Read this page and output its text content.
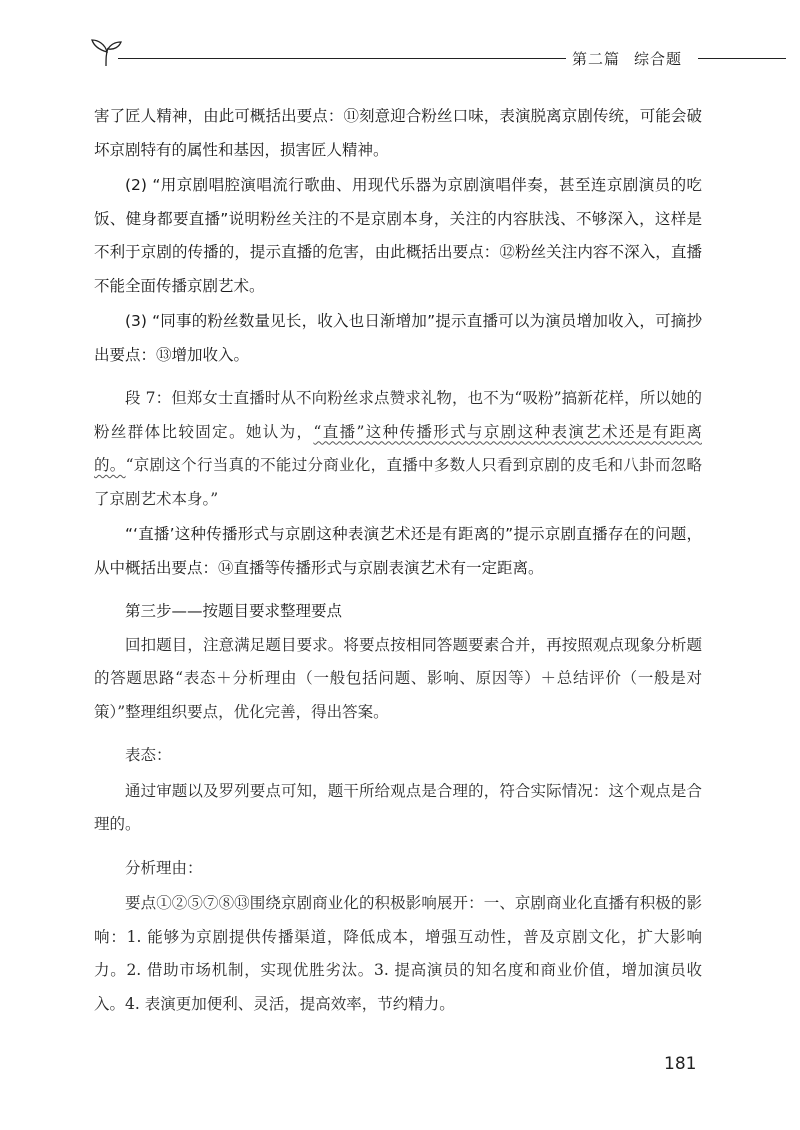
第二篇 综合题

害了匠人精神，由此可概括出要点：⑪刻意迎合粉丝口味，表演脱离京剧传统，可能会破坏京剧特有的属性和基因，损害匠人精神。

(2) “用京剧唱腔演唱流行歌曲、用现代乐器为京剧演唱伴奏，甚至连京剧演员的吃饭、健身都要直播”说明粉丝关注的不是京剧本身，关注的内容肤浅、不够深入，这样是不利于京剧的传播的，提示直播的危害，由此概括出要点：⑫粉丝关注内容不深入，直播不能全面传播京剧艺术。

(3) “同事的粉丝数量见长，收入也日渐增加”提示直播可以为演员增加收入，可摘抄出要点：⑬增加收入。

段 7：但郑女士直播时从不向粉丝求点赞求礼物，也不为“吸粉”搞新花样，所以她的粉丝群体比较固定。她认为，“直播”这种传播形式与京剧这种表演艺术还是有距离的。“京剧这个行当真的不能过分商业化，直播中多数人只看到京剧的皮毛和八卦而忽略了京剧艺术本身。”

“‘直播’这种传播形式与京剧这种表演艺术还是有距离的”提示京剧直播存在的问题，从中概括出要点：⑭直播等传播形式与京剧表演艺术有一定距离。

第三步——按题目要求整理要点

回扣题目，注意满足题目要求。将要点按相同答题要素合并，再按照观点现象分析题的答题思路“表态＋分析理由（一般包括问题、影响、原因等）＋总结评价（一般是对策）”整理组织要点，优化完善，得出答案。

表态：

通过审题以及罗列要点可知，题干所给观点是合理的，符合实际情况：这个观点是合理的。

分析理由：

要点①②⑤⑦⑧⑬围绕京剧商业化的积极影响展开：一、京剧商业化直播有积极的影响：1. 能够为京剧提供传播渠道，降低成本，增强互动性，普及京剧文化，扩大影响力。2. 借助市场机制，实现优胜劣汰。3. 提高演员的知名度和商业价值，增加演员收入。4. 表演更加便利、灵活，提高效率，节约精力。

181
